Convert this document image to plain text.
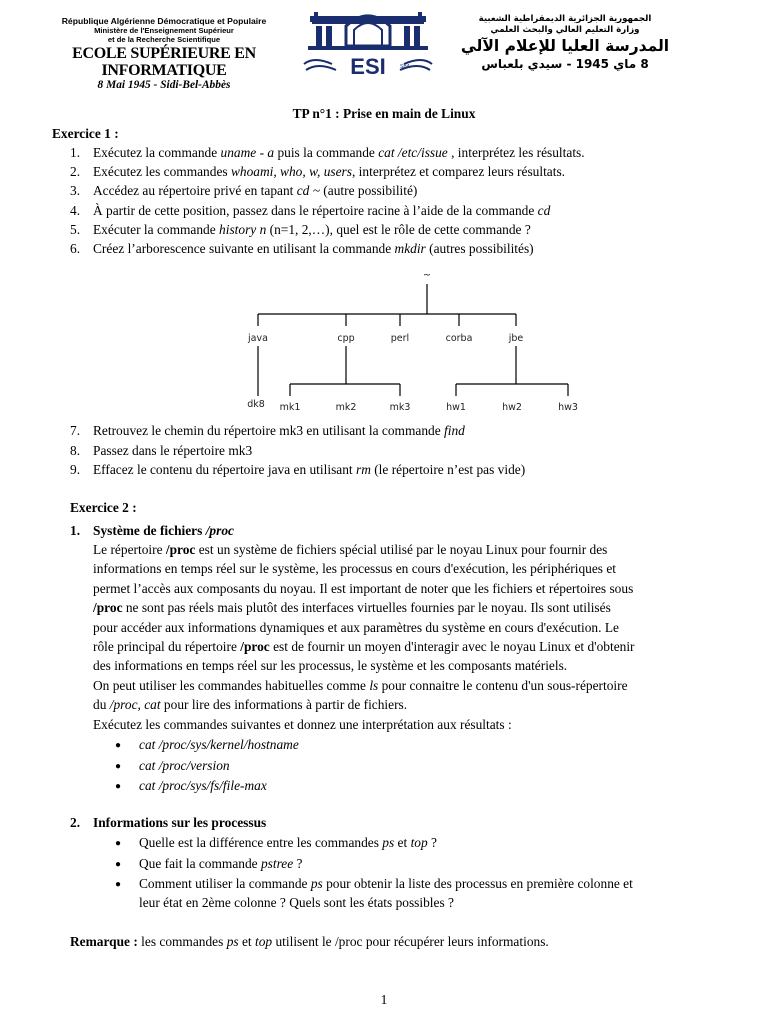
République Algérienne Démocratique et Populaire
Ministère de l'Enseignement Supérieur
et de la Recherche Scientifique
ECOLE SUPÉRIEURE EN INFORMATIQUE
8 Mai 1945 - Sidi-Bel-Abbès
ESI	SBA
الجمهورية الجزائرية الديمقراطية الشعبية
وزارة التعليم العالي والبحث العلمي
المدرسة العليا للإعلام الآلي
8 ماي 1945 - سيدي بلعباس
TP n°1 : Prise en main de Linux
Exercice 1 :
1. Exécutez la commande uname - a puis la commande cat /etc/issue , interprétez les résultats.
2. Exécutez les commandes whoami, who, w, users, interprétez et comparez leurs résultats.
3. Accédez au répertoire privé en tapant cd ~ (autre possibilité)
4. À partir de cette position, passez dans le répertoire racine à l’aide de la commande cd
5. Exécuter la commande history n (n=1, 2,…), quel est le rôle de cette commande ?
6. Créez l’arborescence suivante en utilisant la commande mkdir (autres possibilités)
7. Retrouvez le chemin du répertoire mk3 en utilisant la commande find
8. Passez dans le répertoire mk3
9. Effacez le contenu du répertoire java en utilisant rm (le répertoire n’est pas vide)
~
java	cpp	perl	corba	jbe
dk8 mk1	mk2	mk3	hw1	hw2	hw3
Exercice 2 :
1. Système de fichiers /proc
Le répertoire /proc est un système de fichiers spécial utilisé par le noyau Linux pour fournir des
informations en temps réel sur le système, les processus en cours d'exécution, les périphériques et
permet l’accès aux composants du noyau. Il est important de noter que les fichiers et répertoires sous
/proc ne sont pas réels mais plutôt des interfaces virtuelles fournies par le noyau. Ils sont utilisés
pour accéder aux informations dynamiques et aux paramètres du système en cours d'exécution. Le
rôle principal du répertoire /proc est de fournir un moyen d'interagir avec le noyau Linux et d'obtenir
des informations en temps réel sur les processus, le système et les composants matériels.
On peut utiliser les commandes habituelles comme ls pour connaitre le contenu d'un sous-répertoire
du /proc, cat pour lire des informations à partir de fichiers.
Exécutez les commandes suivantes et donnez une interprétation aux résultats :
● cat /proc/sys/kernel/hostname
● cat /proc/version
● cat /proc/sys/fs/file-max
2. Informations sur les processus
● Quelle est la différence entre les commandes ps et top ?
● Que fait la commande pstree ?
● Comment utiliser la commande ps pour obtenir la liste des processus en première colonne et
leur état en 2ème colonne ? Quels sont les états possibles ?
Remarque : les commandes ps et top utilisent le /proc pour récupérer leurs informations.
1
